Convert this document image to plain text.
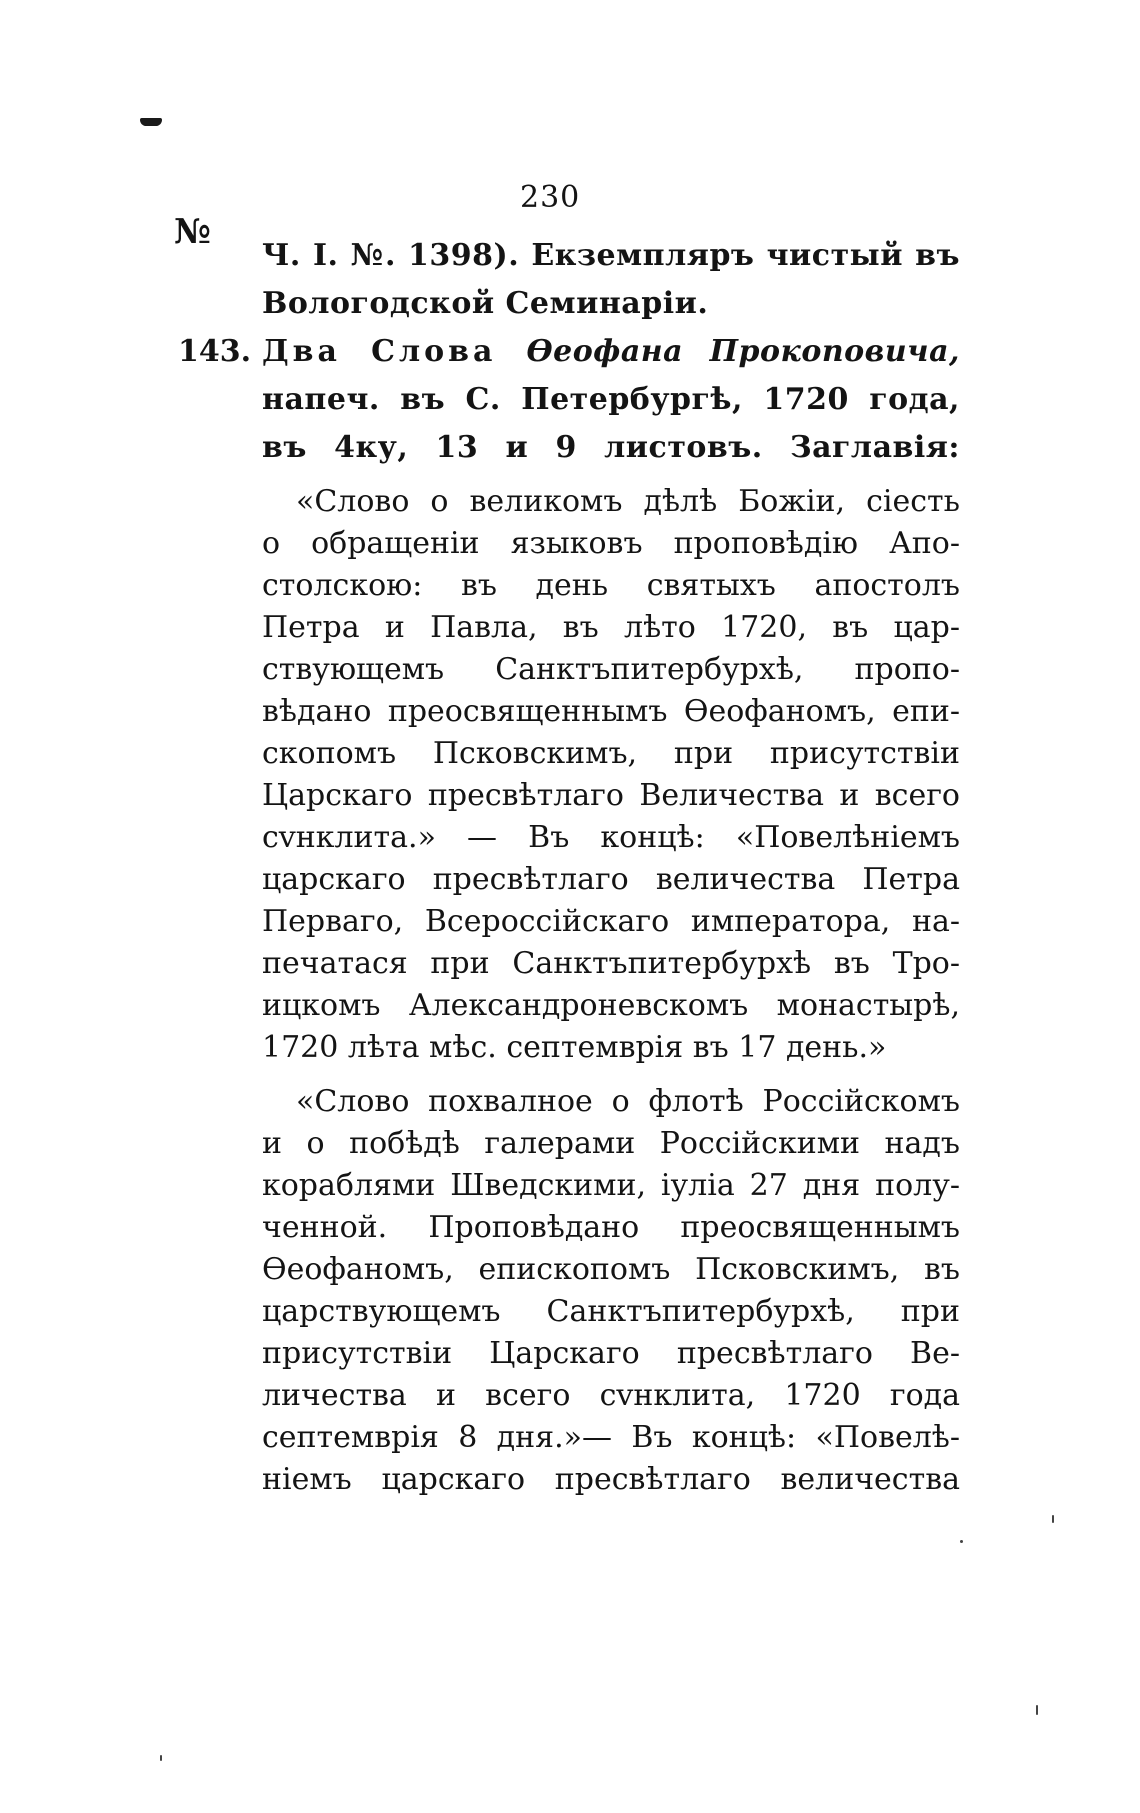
230
№
Ч. I. №. 1398). Екземпляръ чистый въ
Вологодской Семинаріи.
143. Два Слова Ѳеофана Прокоповича,
напеч. въ С. Петербургѣ, 1720 года,
въ 4ку, 13 и 9 листовъ. Заглавія:
«Слово о великомъ дѣлѣ Божіи, сіесть
о обращеніи языковъ проповѣдію Апо-
столскою: въ день святыхъ апостолъ
Петра и Павла, въ лѣто 1720, въ цар-
ствующемъ Санктъпитербурхѣ, пропо-
вѣдано преосвященнымъ Ѳеофаномъ, епи-
скопомъ Псковскимъ, при присутствіи
Царскаго пресвѣтлаго Величества и всего
сvнклита.» — Въ концѣ: «Повелѣніемъ
царскаго пресвѣтлаго величества Петра
Перваго, Всероссійскаго императора, на-
печатася при Санктъпитербурхѣ въ Тро-
ицкомъ Александроневскомъ монастырѣ,
1720 лѣта мѣс. септемврія въ 17 день.»
«Слово похвалное о флотѣ Россійскомъ
и о побѣдѣ галерами Россійскими надъ
кораблями Шведскими, іуліа 27 дня полу-
ченной. Проповѣдано преосвященнымъ
Ѳеофаномъ, епископомъ Псковскимъ, въ
царствующемъ Санктъпитербурхѣ, при
присутствіи Царскаго пресвѣтлаго Ве-
личества и всего сvнклита, 1720 года
септемврія 8 дня.»— Въ концѣ: «Повелѣ-
ніемъ царскаго пресвѣтлаго величества
